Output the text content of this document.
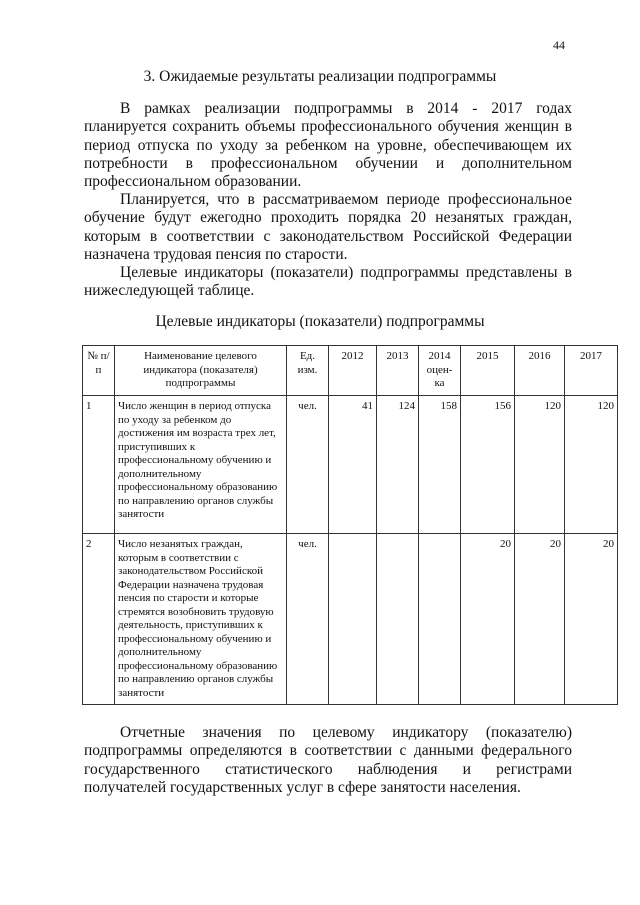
44
3. Ожидаемые результаты реализации подпрограммы

В рамках реализации подпрограммы в 2014 - 2017 годах планируется сохранить объемы профессионального обучения женщин в период отпуска по уходу за ребенком на уровне, обеспечивающем их потребности в профессиональном обучении и дополнительном профессиональном образовании.

Планируется, что в рассматриваемом периоде профессиональное обучение будут ежегодно проходить порядка 20 незанятых граждан, которым в соответствии с законодательством Российской Федерации назначена трудовая пенсия по старости.

Целевые индикаторы (показатели) подпрограммы представлены в нижеследующей таблице.

Целевые индикаторы (показатели) подпрограммы
№ п/п	Наименование целевого индикатора (показателя) подпрограммы	Ед. изм.	2012	2013	2014 оцен-ка	2015	2016	2017
1	Число женщин в период отпуска по уходу за ребенком до достижения им возраста трех лет, приступивших к профессиональному обучению и дополнительному профессиональному образованию по направлению органов службы занятости	чел.	41	124	158	156	120	120
2	Число незанятых граждан, которым в соответствии с законодательством Российской Федерации назначена трудовая пенсия по старости и которые стремятся возобновить трудовую деятельность, приступивших к профессиональному обучению и дополнительному профессиональному образованию по направлению органов службы занятости	чел.				20	20	20

Отчетные значения по целевому индикатору (показателю) подпрограммы определяются в соответствии с данными федерального государственного статистического наблюдения и регистрами получателей государственных услуг в сфере занятости населения.
